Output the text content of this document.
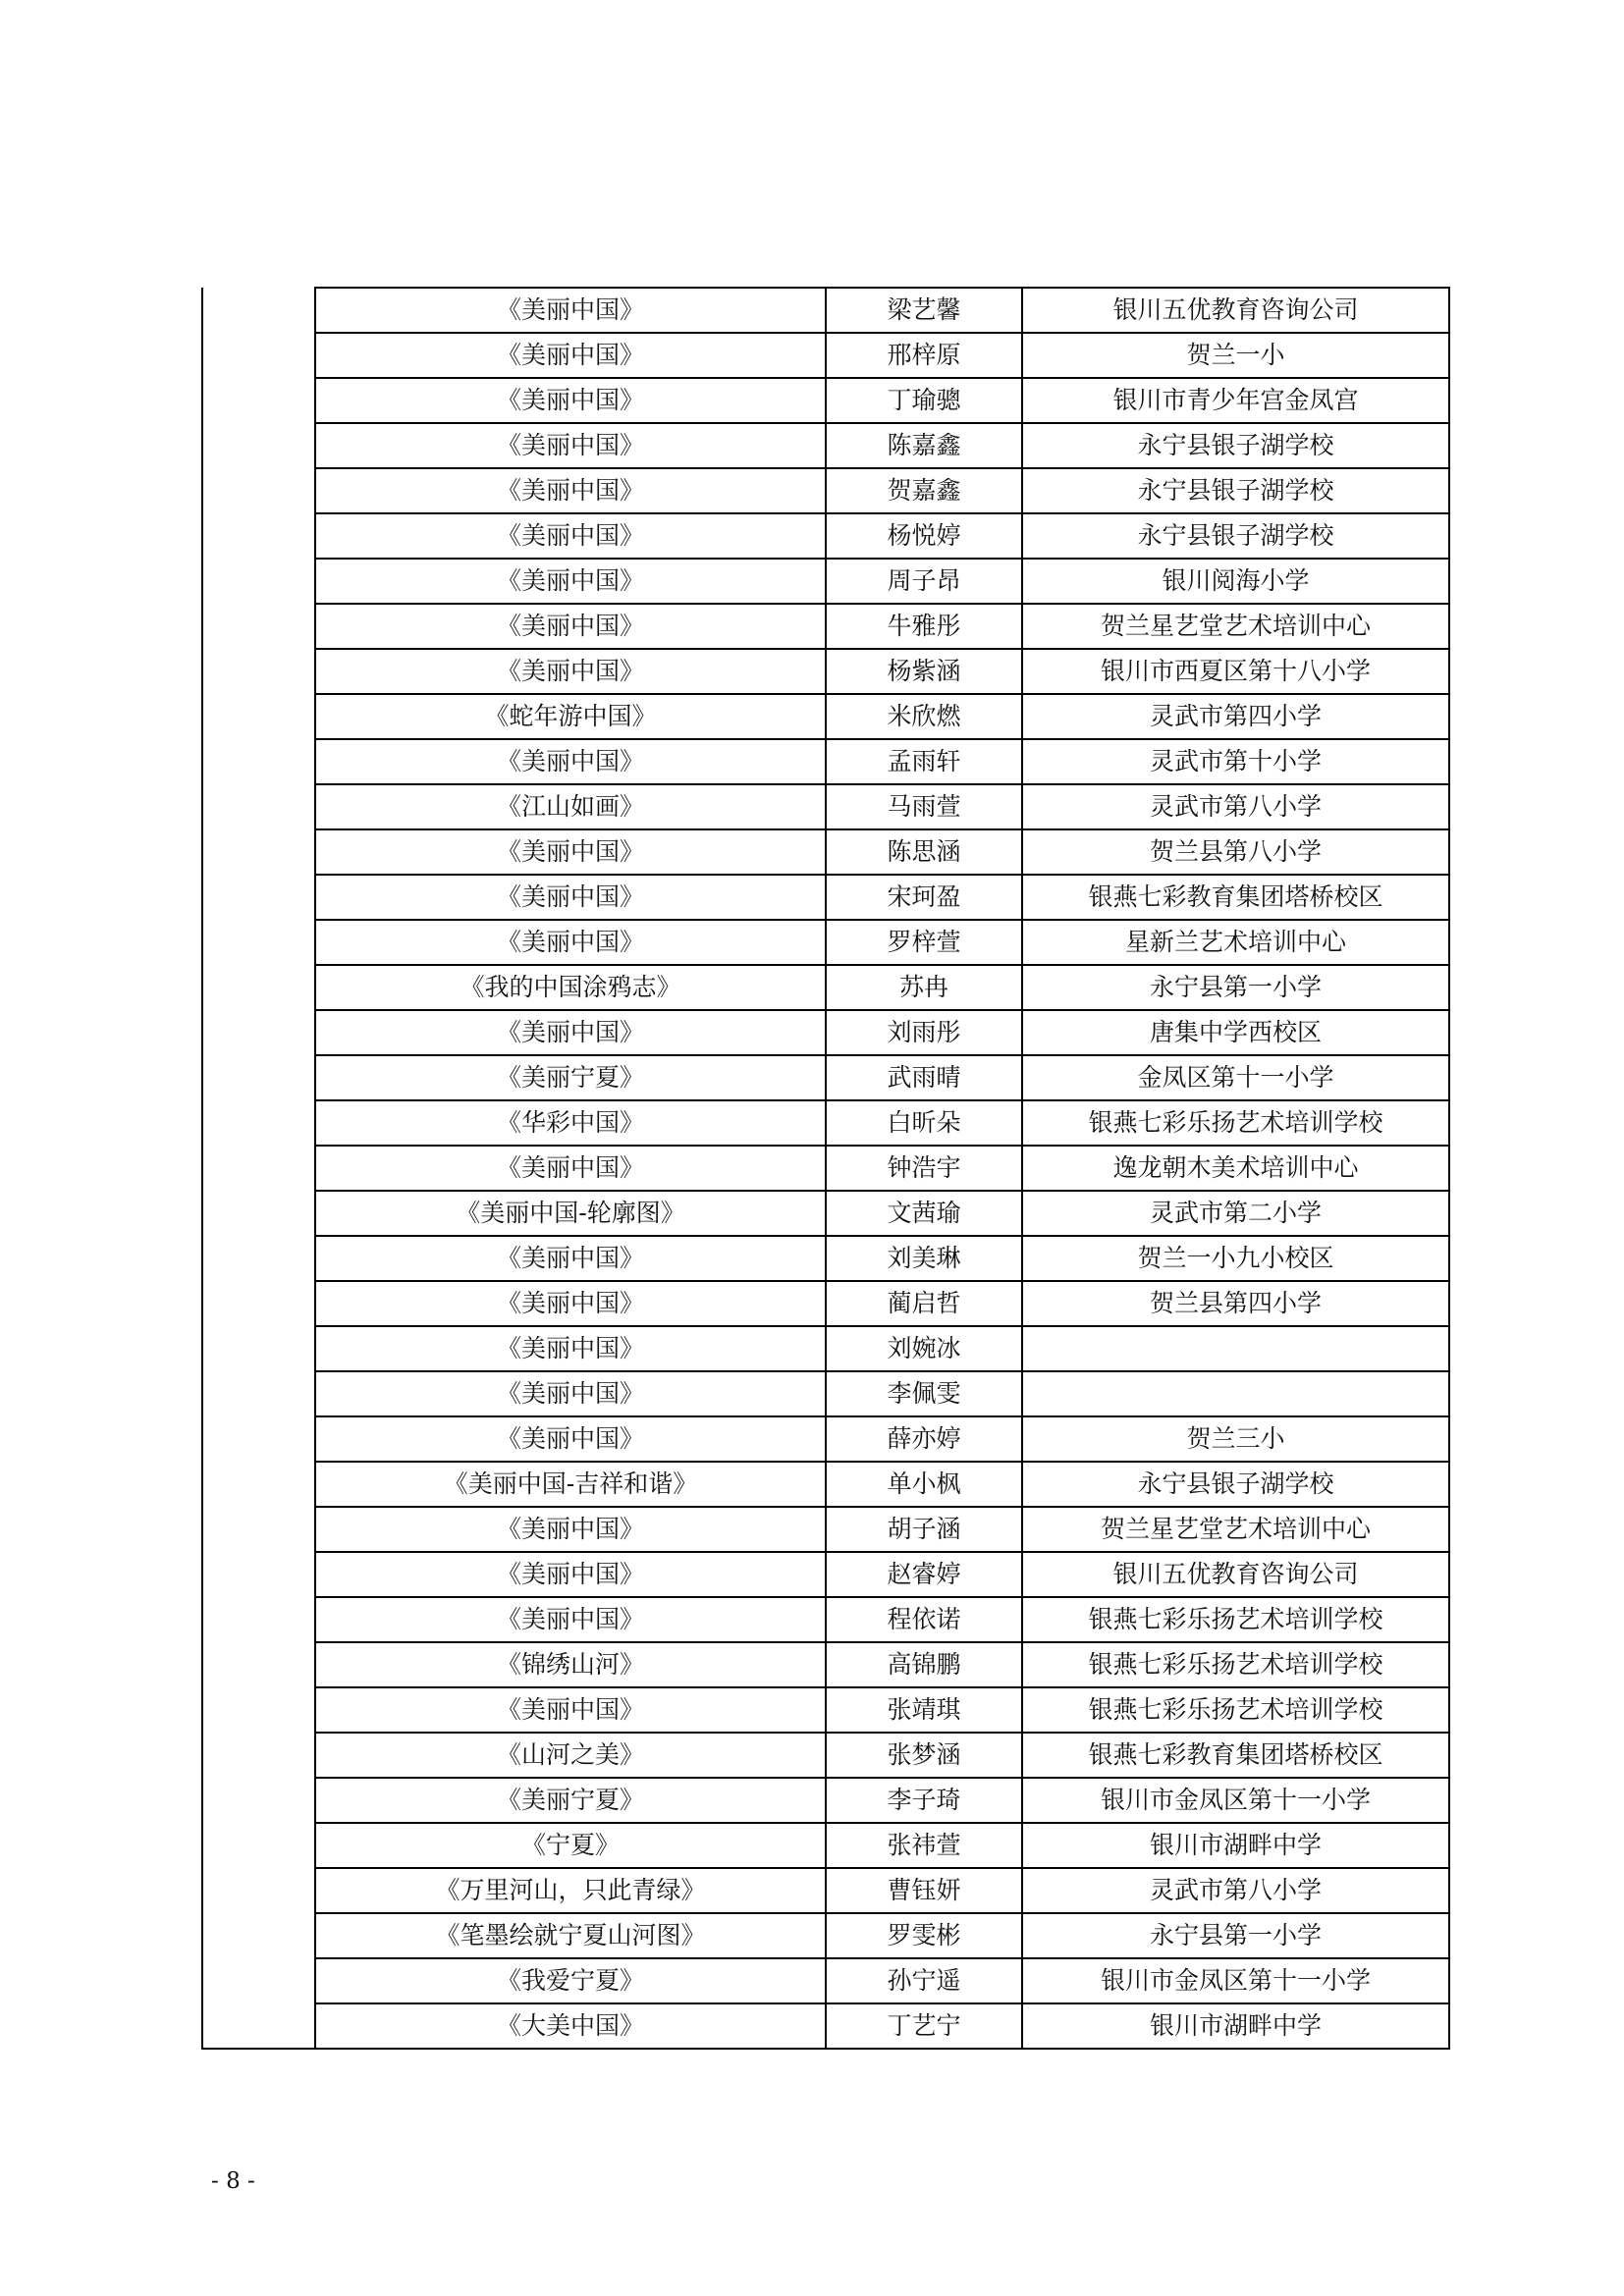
	《美丽中国》	梁艺馨	银川五优教育咨询公司
	《美丽中国》	邢梓原	贺兰一小
	《美丽中国》	丁瑜骢	银川市青少年宫金凤宫
	《美丽中国》	陈嘉鑫	永宁县银子湖学校
	《美丽中国》	贺嘉鑫	永宁县银子湖学校
	《美丽中国》	杨悦婷	永宁县银子湖学校
	《美丽中国》	周子昂	银川阅海小学
	《美丽中国》	牛雅彤	贺兰星艺堂艺术培训中心
	《美丽中国》	杨紫涵	银川市西夏区第十八小学
	《蛇年游中国》	米欣燃	灵武市第四小学
	《美丽中国》	孟雨轩	灵武市第十小学
	《江山如画》	马雨萱	灵武市第八小学
	《美丽中国》	陈思涵	贺兰县第八小学
	《美丽中国》	宋珂盈	银燕七彩教育集团塔桥校区
	《美丽中国》	罗梓萱	星新兰艺术培训中心
	《我的中国涂鸦志》	苏冉	永宁县第一小学
	《美丽中国》	刘雨彤	唐集中学西校区
	《美丽宁夏》	武雨晴	金凤区第十一小学
	《华彩中国》	白昕朵	银燕七彩乐扬艺术培训学校
	《美丽中国》	钟浩宇	逸龙朝木美术培训中心
	《美丽中国-轮廓图》	文茜瑜	灵武市第二小学
	《美丽中国》	刘美琳	贺兰一小九小校区
	《美丽中国》	蔺启哲	贺兰县第四小学
	《美丽中国》	刘婉冰	
	《美丽中国》	李佩雯	
	《美丽中国》	薛亦婷	贺兰三小
	《美丽中国-吉祥和谐》	单小枫	永宁县银子湖学校
	《美丽中国》	胡子涵	贺兰星艺堂艺术培训中心
	《美丽中国》	赵睿婷	银川五优教育咨询公司
	《美丽中国》	程依诺	银燕七彩乐扬艺术培训学校
	《锦绣山河》	高锦鹏	银燕七彩乐扬艺术培训学校
	《美丽中国》	张靖琪	银燕七彩乐扬艺术培训学校
	《山河之美》	张梦涵	银燕七彩教育集团塔桥校区
	《美丽宁夏》	李子琦	银川市金凤区第十一小学
	《宁夏》	张祎萱	银川市湖畔中学
	《万里河山，只此青绿》	曹钰妍	灵武市第八小学
	《笔墨绘就宁夏山河图》	罗雯彬	永宁县第一小学
	《我爱宁夏》	孙宁遥	银川市金凤区第十一小学
	《大美中国》	丁艺宁	银川市湖畔中学
- 8 -
